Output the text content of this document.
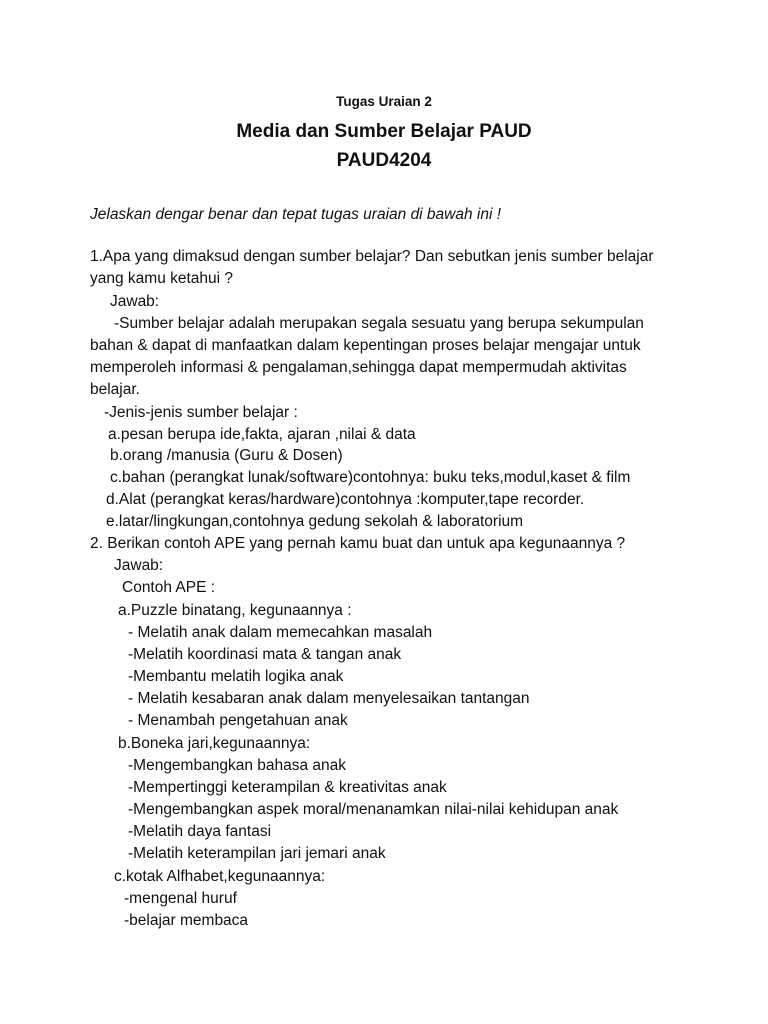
Tugas Uraian 2
Media dan Sumber Belajar PAUD
PAUD4204
Jelaskan dengar benar dan tepat tugas uraian di bawah ini !
1.Apa yang dimaksud dengan sumber belajar? Dan sebutkan jenis sumber belajar
yang kamu ketahui ?
Jawab:
-Sumber belajar adalah merupakan segala sesuatu yang berupa sekumpulan
bahan & dapat di manfaatkan dalam kepentingan proses belajar mengajar untuk
memperoleh informasi & pengalaman,sehingga dapat mempermudah aktivitas
belajar.
-Jenis-jenis sumber belajar :
a.pesan berupa ide,fakta, ajaran ,nilai & data
b.orang /manusia (Guru & Dosen)
c.bahan (perangkat lunak/software)contohnya: buku teks,modul,kaset & film
d.Alat (perangkat keras/hardware)contohnya :komputer,tape recorder.
e.latar/lingkungan,contohnya gedung sekolah & laboratorium
2. Berikan contoh APE yang pernah kamu buat dan untuk apa kegunaannya ?
Jawab:
Contoh APE :
a.Puzzle binatang, kegunaannya :
- Melatih anak dalam memecahkan masalah
-Melatih koordinasi mata & tangan anak
-Membantu melatih logika anak
- Melatih kesabaran anak dalam menyelesaikan tantangan
- Menambah pengetahuan anak
b.Boneka jari,kegunaannya:
-Mengembangkan bahasa anak
-Mempertinggi keterampilan & kreativitas anak
-Mengembangkan aspek moral/menanamkan nilai-nilai kehidupan anak
-Melatih daya fantasi
-Melatih keterampilan jari jemari anak
c.kotak Alfhabet,kegunaannya:
-mengenal huruf
-belajar membaca
